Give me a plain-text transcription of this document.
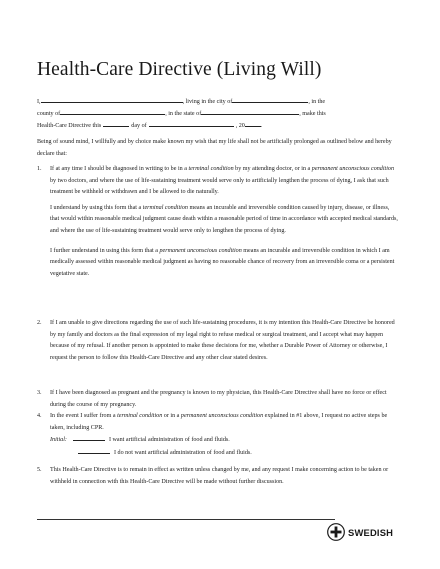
Health-Care Directive (Living Will)
I,	, living in the city of	, in the
county of	, in the state of	, make this
Health-Care Directive this	day of	, 20	.

Being of sound mind, I willfully and by choice make known my wish that my life shall not be artificially prolonged as outlined below and hereby declare that:

1.	If at any time I should be diagnosed in writing to be in a terminal condition by my attending doctor, or in a permanent unconscious condition by two doctors, and where the use of life-sustaining treatment would serve only to artificially lengthen the process of dying, I ask that such treatment be withheld or withdrawn and I be allowed to die naturally.

I understand by using this form that a terminal condition means an incurable and irreversible condition caused by injury, disease, or illness, that would within reasonable medical judgment cause death within a reasonable period of time in accordance with accepted medical standards, and where the use of life-sustaining treatment would serve only to lengthen the process of dying.

I further understand in using this form that a permanent unconscious condition means an incurable and irreversible condition in which I am medically assessed within reasonable medical judgment as having no reasonable chance of recovery from an irreversible coma or a persistent vegetative state.

2.	If I am unable to give directions regarding the use of such life-sustaining procedures, it is my intention this Health-Care Directive be honored by my family and doctors as the final expression of my legal right to refuse medical or surgical treatment, and I accept what may happen because of my refusal. If another person is appointed to make these decisions for me, whether a Durable Power of Attorney or otherwise, I request the person to follow this Health-Care Directive and any other clear stated desires.

3.	If I have been diagnosed as pregnant and the pregnancy is known to my physician, this Health-Care Directive shall have no force or effect during the course of my pregnancy.

4.	In the event I suffer from a terminal condition or in a permanent unconscious condition explained in #1 above, I request no active steps be taken, including CPR.

Initial:	I want artificial administration of food and fluids.
I do not want artificial administration of food and fluids.
5.	This Health-Care Directive is to remain in effect as written unless changed by me, and any request I make concerning action to be taken or withheld in connection with this Health-Care Directive will be made without further discussion.

SWEDISH
